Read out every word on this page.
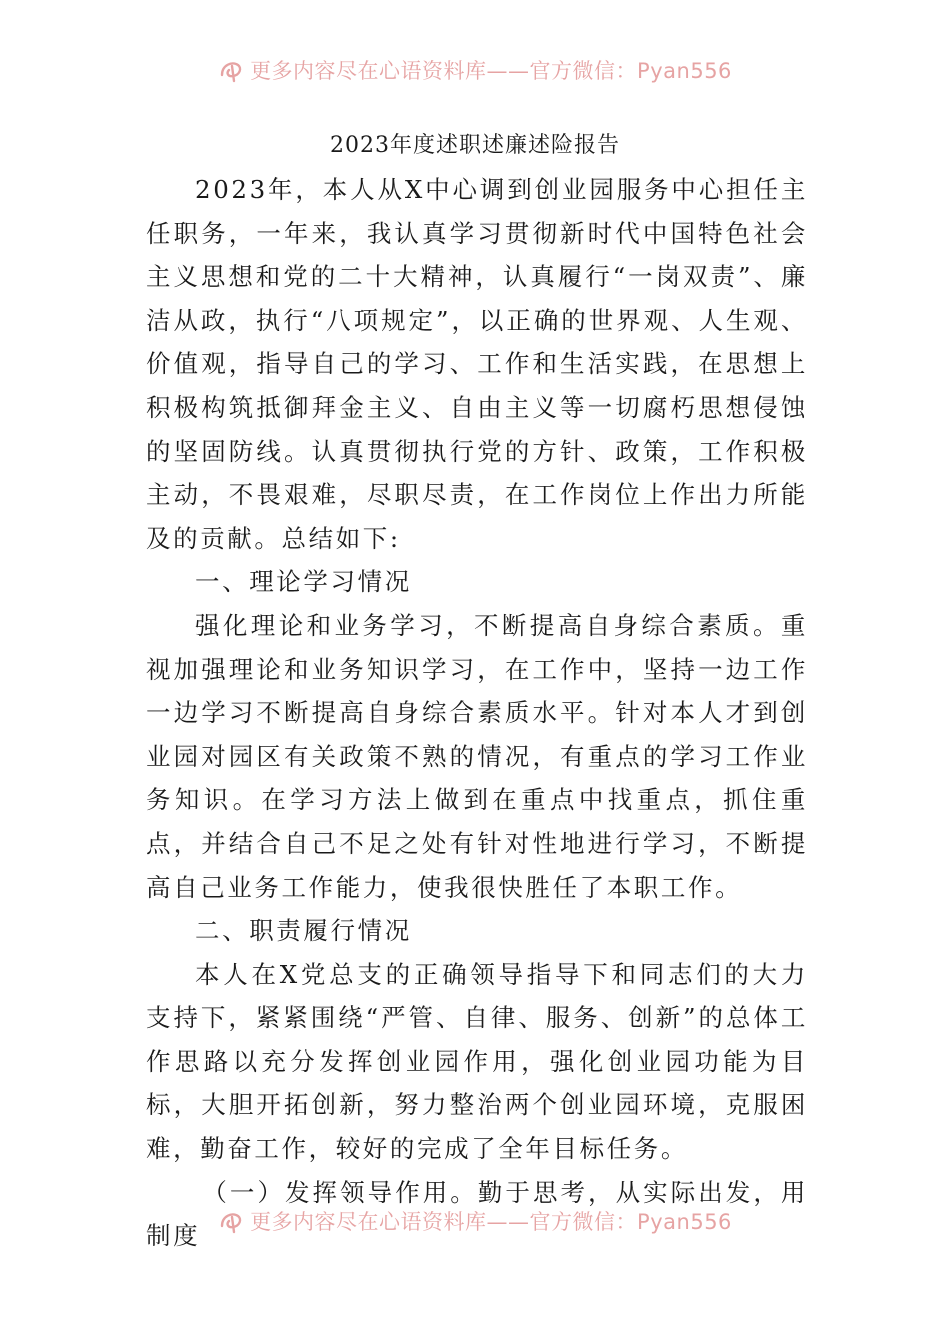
更多内容尽在心语资料库——官方微信：Pyan556
2023年度述职述廉述险报告

2023年，本人从X中心调到创业园服务中心担任主任职务，一年来，我认真学习贯彻新时代中国特色社会主义思想和党的二十大精神，认真履行“一岗双责”、廉洁从政，执行“八项规定”，以正确的世界观、人生观、价值观，指导自己的学习、工作和生活实践，在思想上积极构筑抵御拜金主义、自由主义等一切腐朽思想侵蚀的坚固防线。认真贯彻执行党的方针、政策，工作积极主动，不畏艰难，尽职尽责，在工作岗位上作出力所能及的贡献。总结如下:

一、理论学习情况

强化理论和业务学习，不断提高自身综合素质。重视加强理论和业务知识学习，在工作中，坚持一边工作一边学习不断提高自身综合素质水平。针对本人才到创业园对园区有关政策不熟的情况，有重点的学习工作业务知识。在学习方法上做到在重点中找重点，抓住重点，并结合自己不足之处有针对性地进行学习，不断提高自己业务工作能力，使我很快胜任了本职工作。

二、职责履行情况

本人在X党总支的正确领导指导下和同志们的大力支持下，紧紧围绕“严管、自律、服务、创新”的总体工作思路以充分发挥创业园作用，强化创业园功能为目标，大胆开拓创新，努力整治两个创业园环境，克服困难，勤奋工作，较好的完成了全年目标任务。

（一）发挥领导作用。勤于思考，从实际出发，用制度	更多内容尽在心语资料库——官方微信：Pyan556
